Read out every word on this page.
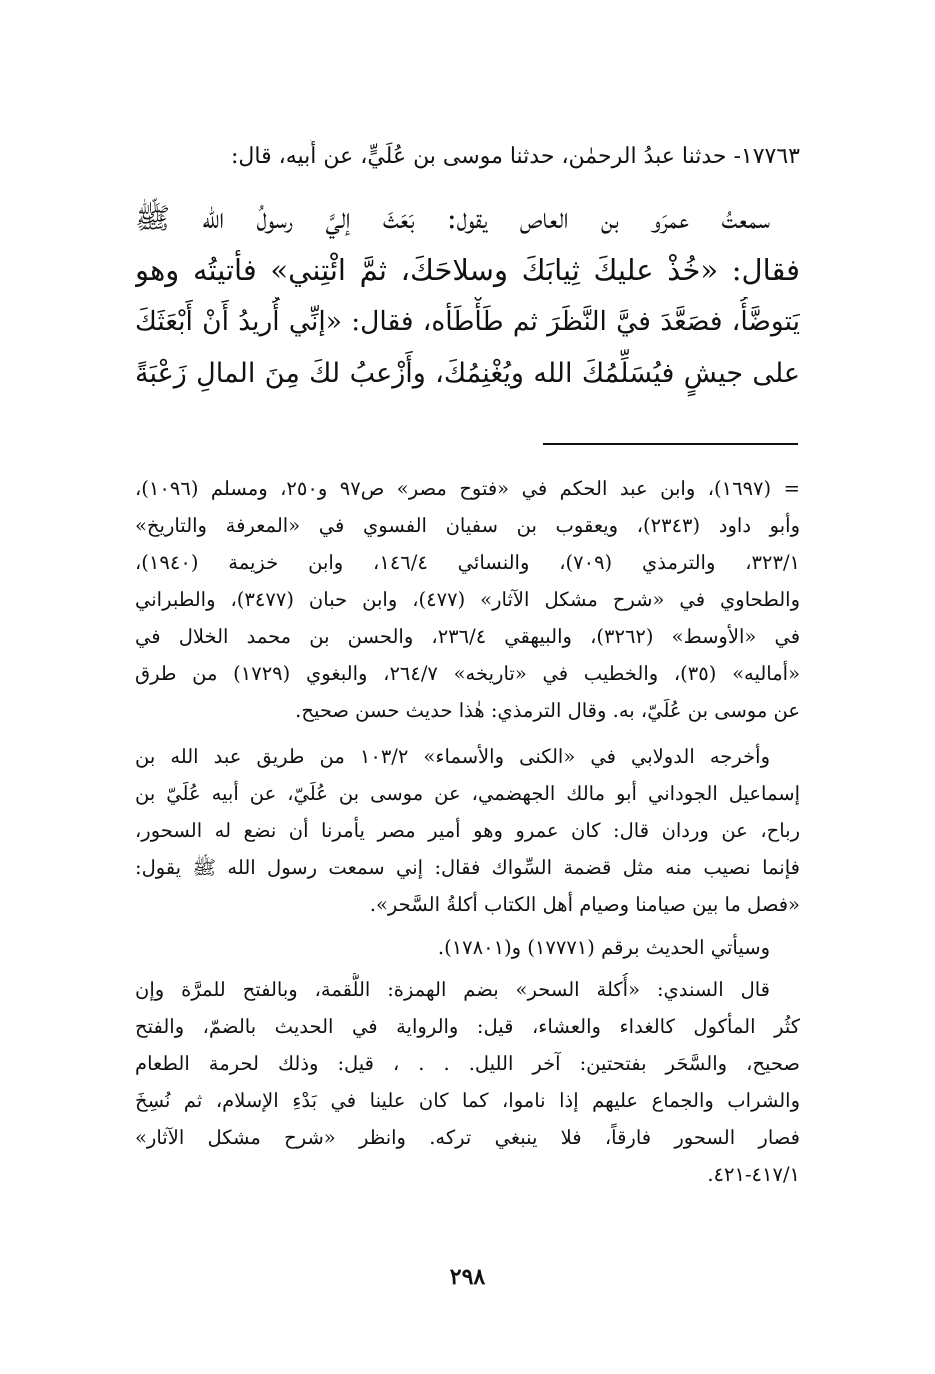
١٧٧٦٣- حدثنا عبدُ الرحمٰن، حدثنا موسى بن عُلَيٍّ، عن أَبيه، قال:
سمعتُ عمرَو بن العاص يقول: بَعَثَ إليَّ رسولُ الله ﷺ
فقال: «خُذْ عليكَ ثِيابَكَ وسلاحَكَ، ثمَّ ائْتِني» فأتيتُه وهو
يَتوضَّأُ، فصَعَّدَ فيَّ النَّظَرَ ثم طَأْطَأه، فقال: «إنِّي أُريدُ أَنْ أَبْعَثَكَ
على جيشٍ فيُسَلِّمُكَ الله ويُغْنِمُكَ، وأَزْعبُ لكَ مِنَ المالِ زَعْبَةً
= (١٦٩٧)، وابن عبد الحكم في «فتوح مصر» ص٩٧ و٢٥٠، ومسلم (١٠٩٦)،
وأبو داود (٢٣٤٣)، ويعقوب بن سفيان الفسوي في «المعرفة والتاريخ»
٣٢٣/١، والترمذي (٧٠٩)، والنسائي ١٤٦/٤، وابن خزيمة (١٩٤٠)،
والطحاوي في «شرح مشكل الآثار» (٤٧٧)، وابن حبان (٣٤٧٧)، والطبراني
في «الأوسط» (٣٢٦٢)، والبيهقي ٢٣٦/٤، والحسن بن محمد الخلال في
«أماليه» (٣٥)، والخطيب في «تاريخه» ٢٦٤/٧، والبغوي (١٧٢٩) من طرق
عن موسى بن عُلَيّ، به. وقال الترمذي: هٰذا حديث حسن صحيح.
وأخرجه الدولابي في «الكنى والأسماء» ١٠٣/٢ من طريق عبد الله بن
إسماعيل الجوداني أبو مالك الجهضمي، عن موسى بن عُلَيّ، عن أبيه عُلَيّ بن
رباح، عن وردان قال: كان عمرو وهو أمير مصر يأمرنا أن نضع له السحور،
فإنما نصيب منه مثل قضمة السِّواك فقال: إني سمعت رسول الله ﷺ يقول:
«فصل ما بين صيامنا وصيام أهل الكتاب أكلةُ السَّحر».
وسيأتي الحديث برقم (١٧٧٧١) و(١٧٨٠١).
قال السندي: «أُكلة السحر» بضم الهمزة: اللُّقمة، وبالفتح للمرَّة وإن
كثُر المأكول كالغداء والعشاء، قيل: والرواية في الحديث بالضمّ، والفتح
صحيح، والسَّحَر بفتحتين: آخر الليل. . . ، قيل: وذلك لحرمة الطعام
والشراب والجماع عليهم إذا ناموا، كما كان علينا في بَدْءِ الإسلام، ثم نُسِخَ
فصار السحور فارقاً، فلا ينبغي تركه. وانظر «شرح مشكل الآثار»
٤١٧/١-٤٢١.
٢٩٨
